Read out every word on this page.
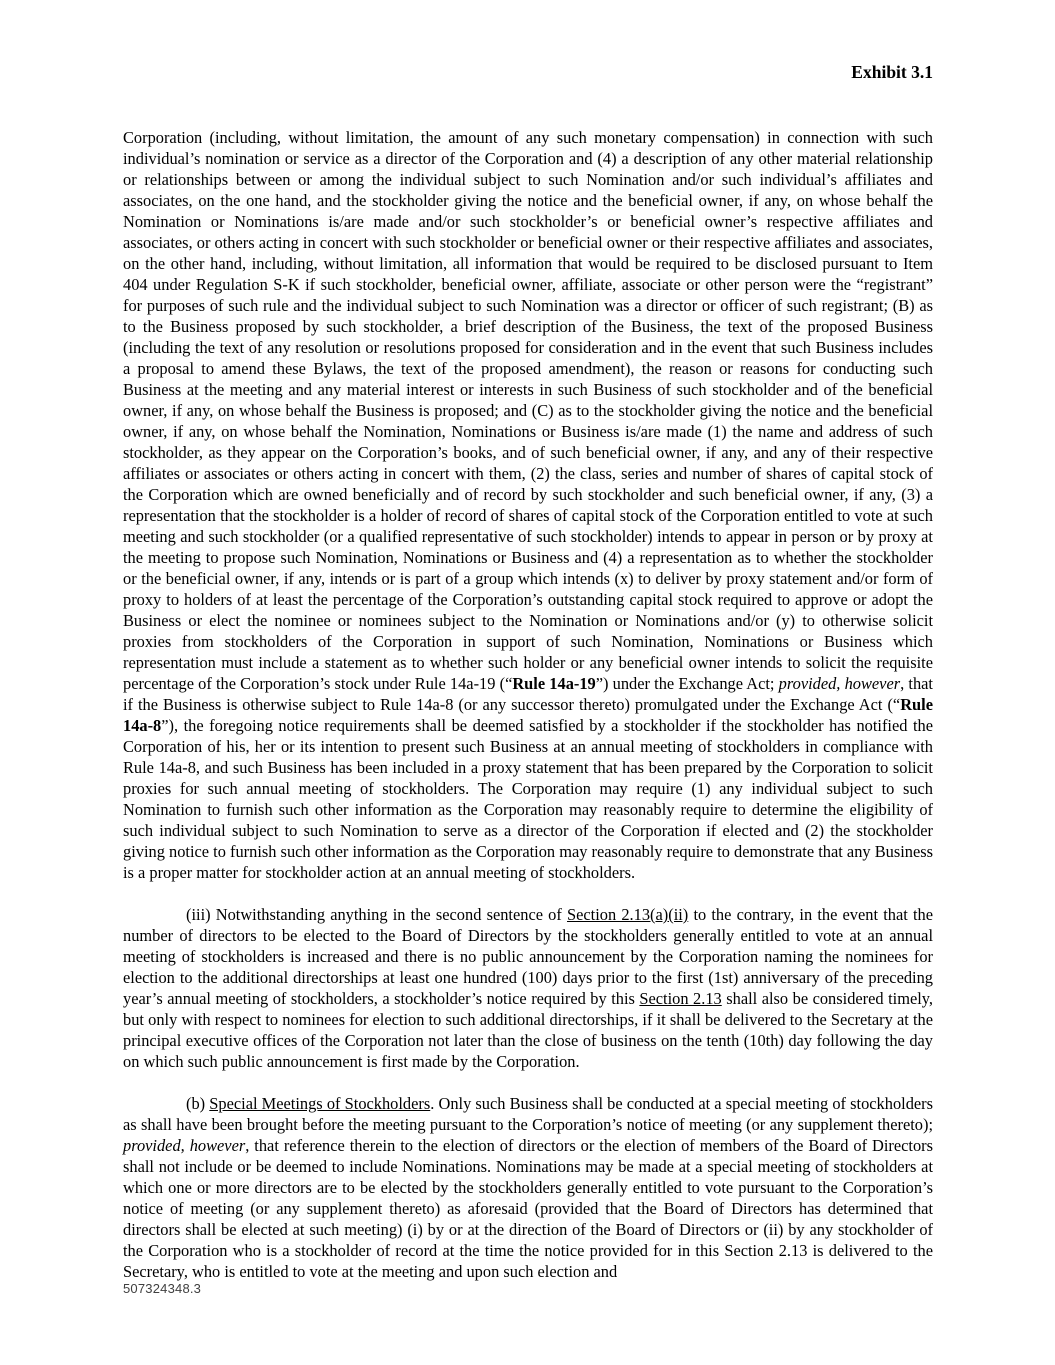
Exhibit 3.1

Corporation (including, without limitation, the amount of any such monetary compensation) in connection with such individual’s nomination or service as a director of the Corporation and (4) a description of any other material relationship or relationships between or among the individual subject to such Nomination and/or such individual’s affiliates and associates, on the one hand, and the stockholder giving the notice and the beneficial owner, if any, on whose behalf the Nomination or Nominations is/are made and/or such stockholder’s or beneficial owner’s respective affiliates and associates, or others acting in concert with such stockholder or beneficial owner or their respective affiliates and associates, on the other hand, including, without limitation, all information that would be required to be disclosed pursuant to Item 404 under Regulation S-K if such stockholder, beneficial owner, affiliate, associate or other person were the “registrant” for purposes of such rule and the individual subject to such Nomination was a director or officer of such registrant; (B) as to the Business proposed by such stockholder, a brief description of the Business, the text of the proposed Business (including the text of any resolution or resolutions proposed for consideration and in the event that such Business includes a proposal to amend these Bylaws, the text of the proposed amendment), the reason or reasons for conducting such Business at the meeting and any material interest or interests in such Business of such stockholder and of the beneficial owner, if any, on whose behalf the Business is proposed; and (C) as to the stockholder giving the notice and the beneficial owner, if any, on whose behalf the Nomination, Nominations or Business is/are made (1) the name and address of such stockholder, as they appear on the Corporation’s books, and of such beneficial owner, if any, and any of their respective affiliates or associates or others acting in concert with them, (2) the class, series and number of shares of capital stock of the Corporation which are owned beneficially and of record by such stockholder and such beneficial owner, if any, (3) a representation that the stockholder is a holder of record of shares of capital stock of the Corporation entitled to vote at such meeting and such stockholder (or a qualified representative of such stockholder) intends to appear in person or by proxy at the meeting to propose such Nomination, Nominations or Business and (4) a representation as to whether the stockholder or the beneficial owner, if any, intends or is part of a group which intends (x) to deliver by proxy statement and/or form of proxy to holders of at least the percentage of the Corporation’s outstanding capital stock required to approve or adopt the Business or elect the nominee or nominees subject to the Nomination or Nominations and/or (y) to otherwise solicit proxies from stockholders of the Corporation in support of such Nomination, Nominations or Business which representation must include a statement as to whether such holder or any beneficial owner intends to solicit the requisite percentage of the Corporation’s stock under Rule 14a-19 (“Rule 14a-19”) under the Exchange Act; provided, however, that if the Business is otherwise subject to Rule 14a-8 (or any successor thereto) promulgated under the Exchange Act (“Rule 14a-8”), the foregoing notice requirements shall be deemed satisfied by a stockholder if the stockholder has notified the Corporation of his, her or its intention to present such Business at an annual meeting of stockholders in compliance with Rule 14a-8, and such Business has been included in a proxy statement that has been prepared by the Corporation to solicit proxies for such annual meeting of stockholders. The Corporation may require (1) any individual subject to such Nomination to furnish such other information as the Corporation may reasonably require to determine the eligibility of such individual subject to such Nomination to serve as a director of the Corporation if elected and (2) the stockholder giving notice to furnish such other information as the Corporation may reasonably require to demonstrate that any Business is a proper matter for stockholder action at an annual meeting of stockholders.

(iii) Notwithstanding anything in the second sentence of Section 2.13(a)(ii) to the contrary, in the event that the number of directors to be elected to the Board of Directors by the stockholders generally entitled to vote at an annual meeting of stockholders is increased and there is no public announcement by the Corporation naming the nominees for election to the additional directorships at least one hundred (100) days prior to the first (1st) anniversary of the preceding year’s annual meeting of stockholders, a stockholder’s notice required by this Section 2.13 shall also be considered timely, but only with respect to nominees for election to such additional directorships, if it shall be delivered to the Secretary at the principal executive offices of the Corporation not later than the close of business on the tenth (10th) day following the day on which such public announcement is first made by the Corporation.

(b) Special Meetings of Stockholders. Only such Business shall be conducted at a special meeting of stockholders as shall have been brought before the meeting pursuant to the Corporation’s notice of meeting (or any supplement thereto); provided, however, that reference therein to the election of directors or the election of members of the Board of Directors shall not include or be deemed to include Nominations. Nominations may be made at a special meeting of stockholders at which one or more directors are to be elected by the stockholders generally entitled to vote pursuant to the Corporation’s notice of meeting (or any supplement thereto) as aforesaid (provided that the Board of Directors has determined that directors shall be elected at such meeting) (i) by or at the direction of the Board of Directors or (ii) by any stockholder of the Corporation who is a stockholder of record at the time the notice provided for in this Section 2.13 is delivered to the Secretary, who is entitled to vote at the meeting and upon such election and

507324348.3
